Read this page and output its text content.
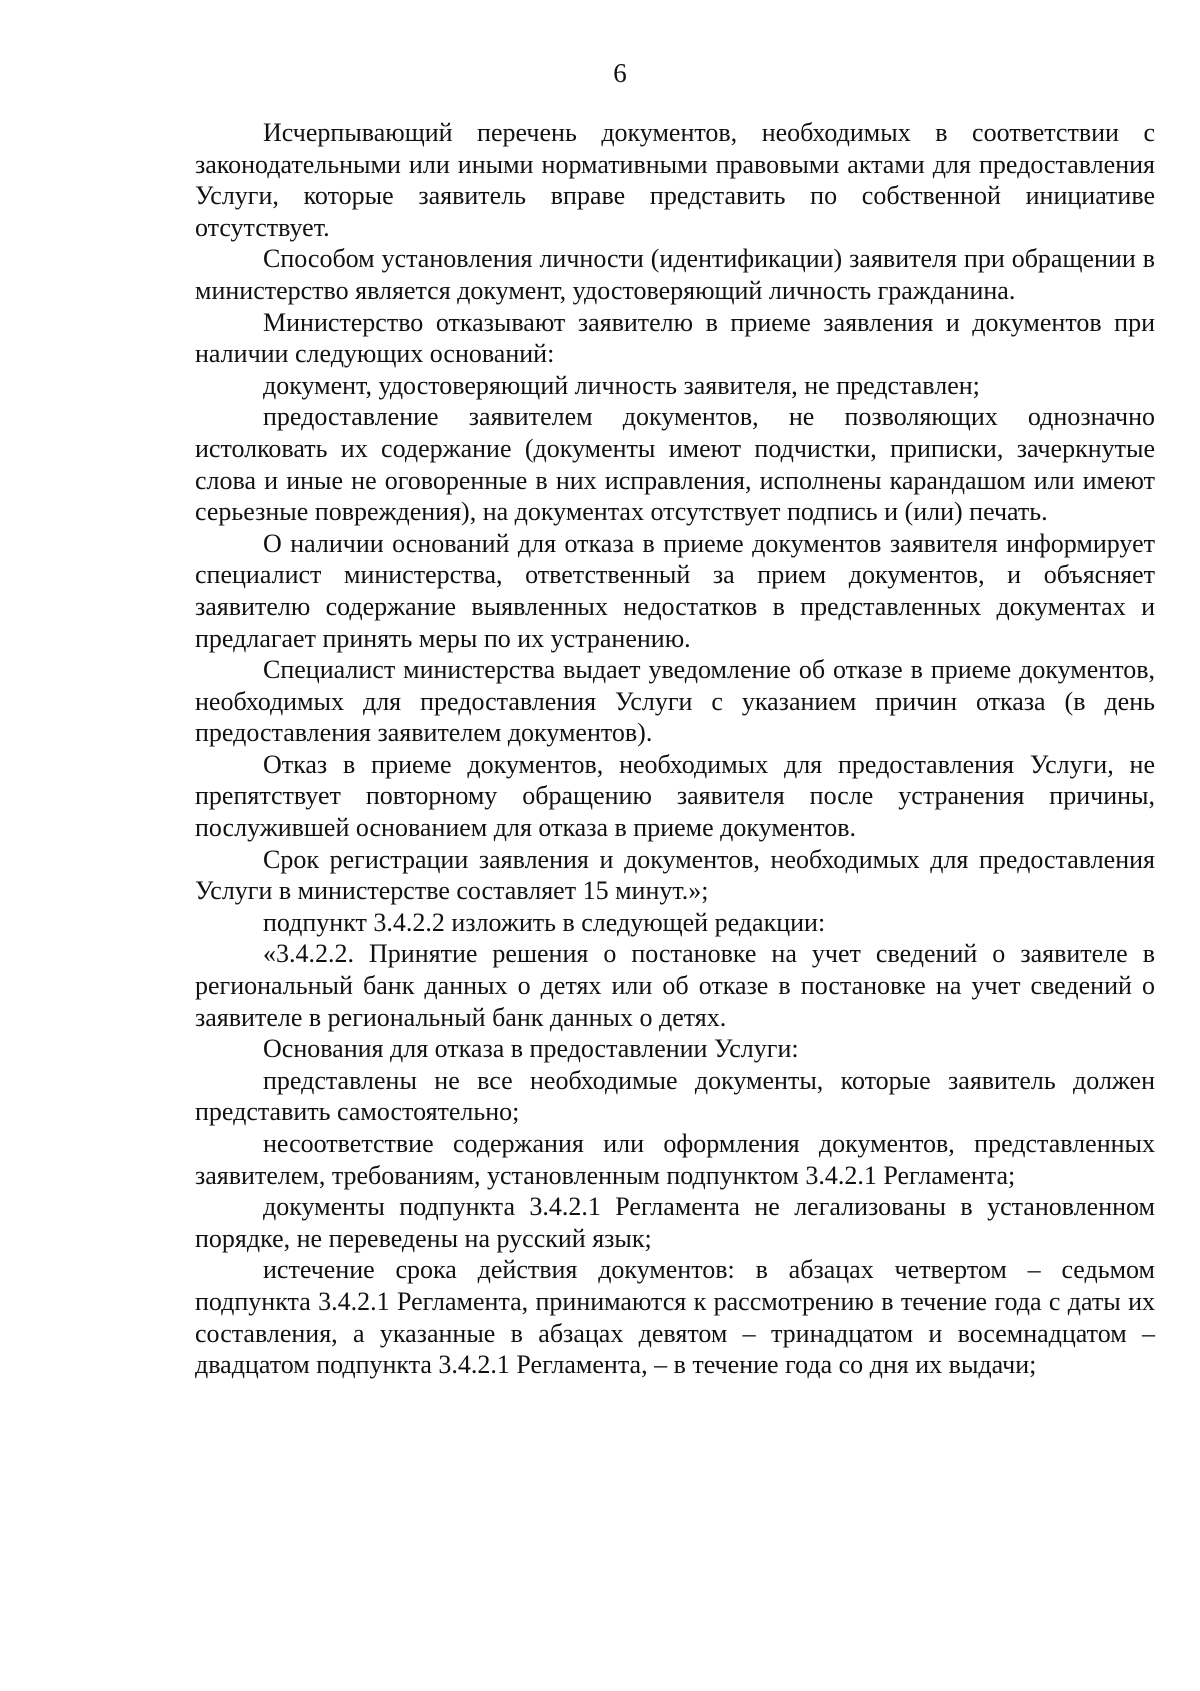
6

Исчерпывающий перечень документов, необходимых в соответствии с законодательными или иными нормативными правовыми актами для предоставления Услуги, которые заявитель вправе представить по собственной инициативе отсутствует.

Способом установления личности (идентификации) заявителя при обращении в министерство является документ, удостоверяющий личность гражданина.

Министерство отказывают заявителю в приеме заявления и документов при наличии следующих оснований:

документ, удостоверяющий личность заявителя, не представлен;

предоставление заявителем документов, не позволяющих однозначно истолковать их содержание (документы имеют подчистки, приписки, зачеркнутые слова и иные не оговоренные в них исправления, исполнены карандашом или имеют серьезные повреждения), на документах отсутствует подпись и (или) печать.

О наличии оснований для отказа в приеме документов заявителя информирует специалист министерства, ответственный за прием документов, и объясняет заявителю содержание выявленных недостатков в представленных документах и предлагает принять меры по их устранению.

Специалист министерства выдает уведомление об отказе в приеме документов, необходимых для предоставления Услуги с указанием причин отказа (в день предоставления заявителем документов).

Отказ в приеме документов, необходимых для предоставления Услуги, не препятствует повторному обращению заявителя после устранения причины, послужившей основанием для отказа в приеме документов.

Срок регистрации заявления и документов, необходимых для предоставления Услуги в министерстве составляет 15 минут.»;

подпункт 3.4.2.2 изложить в следующей редакции:

«3.4.2.2. Принятие решения о постановке на учет сведений о заявителе в региональный банк данных о детях или об отказе в постановке на учет сведений о заявителе в региональный банк данных о детях.

Основания для отказа в предоставлении Услуги:

представлены не все необходимые документы, которые заявитель должен представить самостоятельно;

несоответствие содержания или оформления документов, представленных заявителем, требованиям, установленным подпунктом 3.4.2.1 Регламента;

документы подпункта 3.4.2.1 Регламента не легализованы в установленном порядке, не переведены на русский язык;

истечение срока действия документов: в абзацах четвертом – седьмом подпункта 3.4.2.1 Регламента, принимаются к рассмотрению в течение года с даты их составления, а указанные в абзацах девятом – тринадцатом и восемнадцатом – двадцатом подпункта 3.4.2.1 Регламента, – в течение года со дня их выдачи;
